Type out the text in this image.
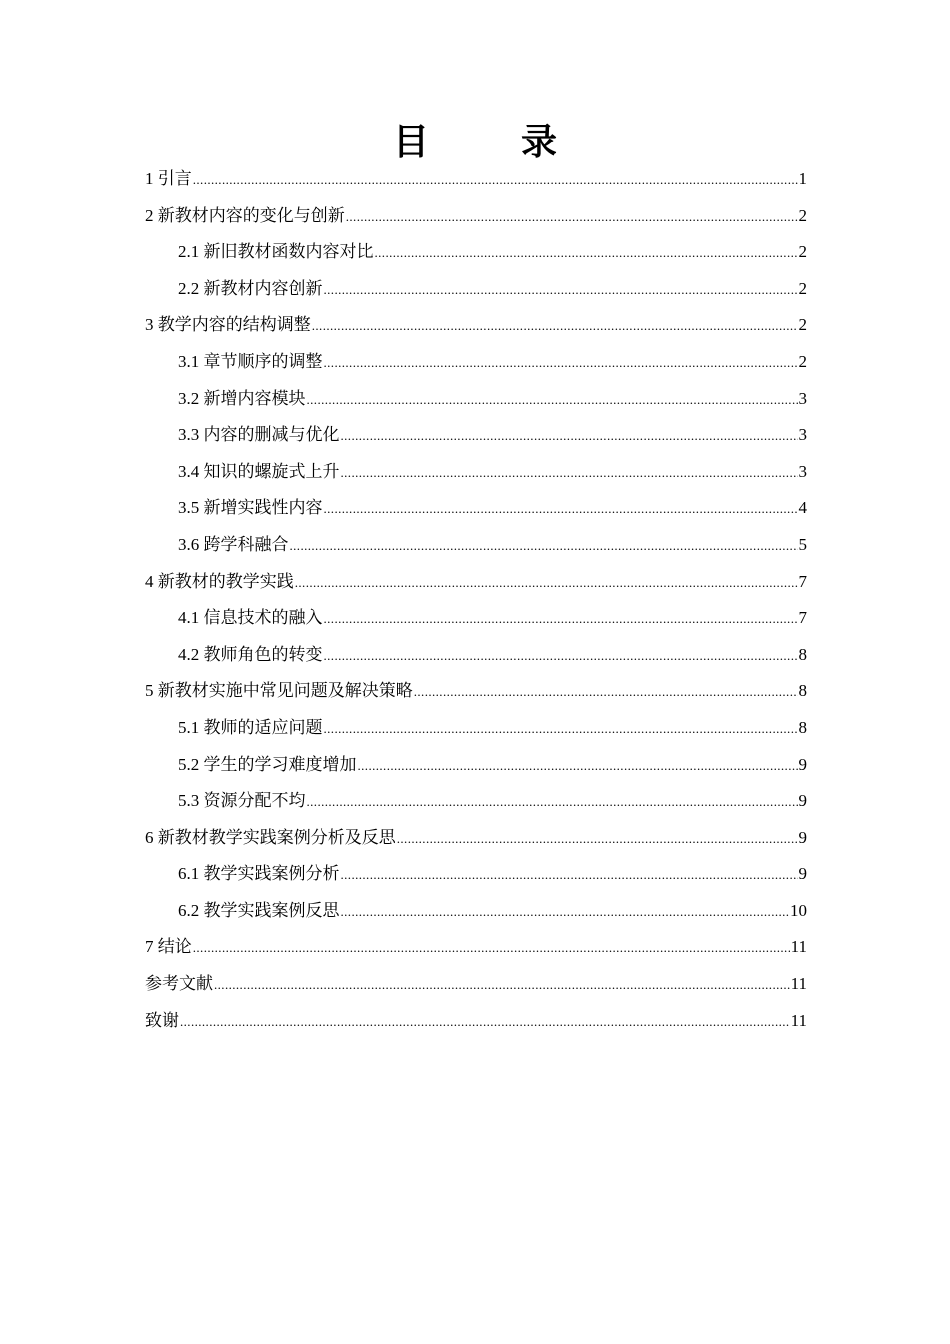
目　录
1 引言 .....	1
2 新教材内容的变化与创新 .....	2
2.1 新旧教材函数内容对比 .....	2
2.2 新教材内容创新 .....	2
3 教学内容的结构调整 .....	2
3.1 章节顺序的调整 .....	2
3.2 新增内容模块 .....	3
3.3 内容的删减与优化 .....	3
3.4 知识的螺旋式上升 .....	3
3.5 新增实践性内容 .....	4
3.6 跨学科融合 .....	5
4 新教材的教学实践 .....	7
4.1 信息技术的融入 .....	7
4.2 教师角色的转变 .....	8
5 新教材实施中常见问题及解决策略 .....	8
5.1 教师的适应问题 .....	8
5.2 学生的学习难度增加 .....	9
5.3 资源分配不均 .....	9
6 新教材教学实践案例分析及反思 .....	9
6.1 教学实践案例分析 .....	9
6.2 教学实践案例反思 .....	10
7 结论 .....	11
参考文献 .....	11
致谢 .....	11
